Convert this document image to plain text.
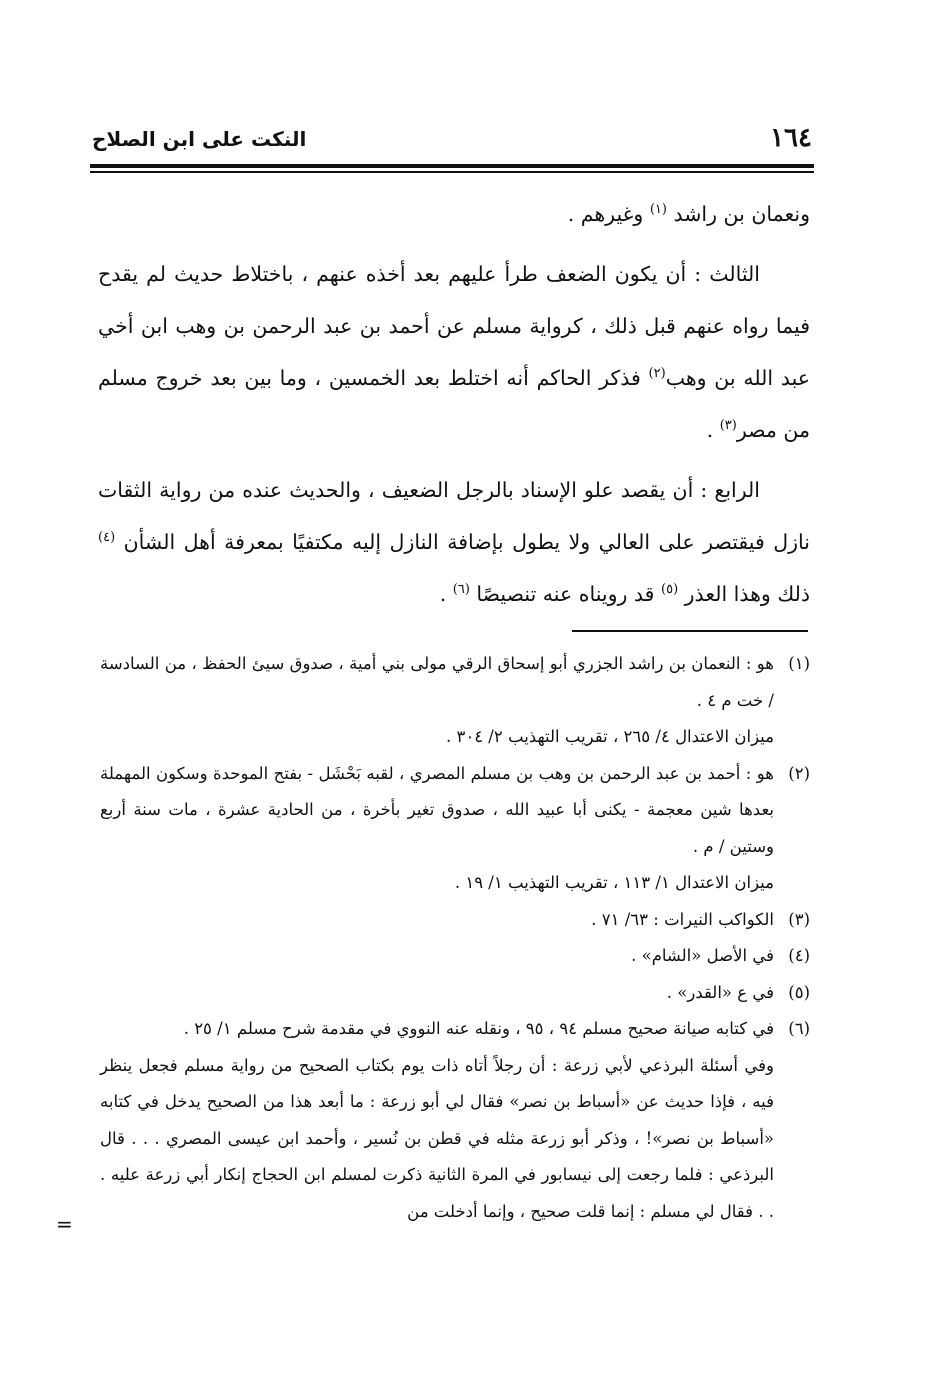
١٦٤
النكت على ابن الصلاح

ونعمان بن راشد $^{(١)}$ وغيرهم .

الثالث : أن يكون الضعف طرأ عليهم بعد أخذه عنهم ، باختلاط حديث لم يقدح فيما رواه عنهم قبل ذلك ، كرواية مسلم عن أحمد بن عبد الرحمن بن وهب ابن أخي عبد الله بن وهب$^{(٢)}$ فذكر الحاكم أنه اختلط بعد الخمسين ، وما بين بعد خروج مسلم من مصر$^{(٣)}$ .

الرابع : أن يقصد علو الإسناد بالرجل الضعيف ، والحديث عنده من رواية الثقات نازل فيقتصر على العالي ولا يطول بإضافة النازل إليه مكتفيًا بمعرفة أهل الشأن $^{(٤)}$ ذلك وهذا العذر $^{(٥)}$ قد رويناه عنه تنصيصًا $^{(٦)}$ .

(١)
هو : النعمان بن راشد الجزري أبو إسحاق الرقي مولى بني أمية ، صدوق سيئ الحفظ ، من السادسة / خت م ٤ .
ميزان الاعتدال ٤/ ٢٦٥ ، تقريب التهذيب ٢/ ٣٠٤ .
(٢)
هو : أحمد بن عبد الرحمن بن وهب بن مسلم المصري ، لقبه بَحْشَل - بفتح الموحدة وسكون المهملة بعدها شين معجمة - يكنى أبا عبيد الله ، صدوق تغير بأخرة ، من الحادية عشرة ، مات سنة أربع وستين / م .
ميزان الاعتدال ١/ ١١٣ ، تقريب التهذيب ١/ ١٩ .
(٣)
الكواكب النيرات : ٦٣/ ٧١ .
(٤)
في الأصل «الشام» .
(٥)
في ع «القدر» .
(٦)
في كتابه صيانة صحيح مسلم ٩٤ ، ٩٥ ، ونقله عنه النووي في مقدمة شرح مسلم ١/ ٢٥ .
وفي أسئلة البرذعي لأبي زرعة : أن رجلاً أتاه ذات يوم بكتاب الصحيح من رواية مسلم فجعل ينظر فيه ، فإذا حديث عن «أسباط بن نصر» فقال لي أبو زرعة : ما أبعد هذا من الصحيح يدخل في كتابه «أسباط بن نصر»! ، وذكر أبو زرعة مثله في قطن بن نُسير ، وأحمد ابن عيسى المصري . . . قال البرذعي : فلما رجعت إلى نيسابور في المرة الثانية ذكرت لمسلم ابن الحجاج إنكار أبي زرعة عليه . . . فقال لي مسلم : إنما قلت صحيح ، وإنما أدخلت من
=
